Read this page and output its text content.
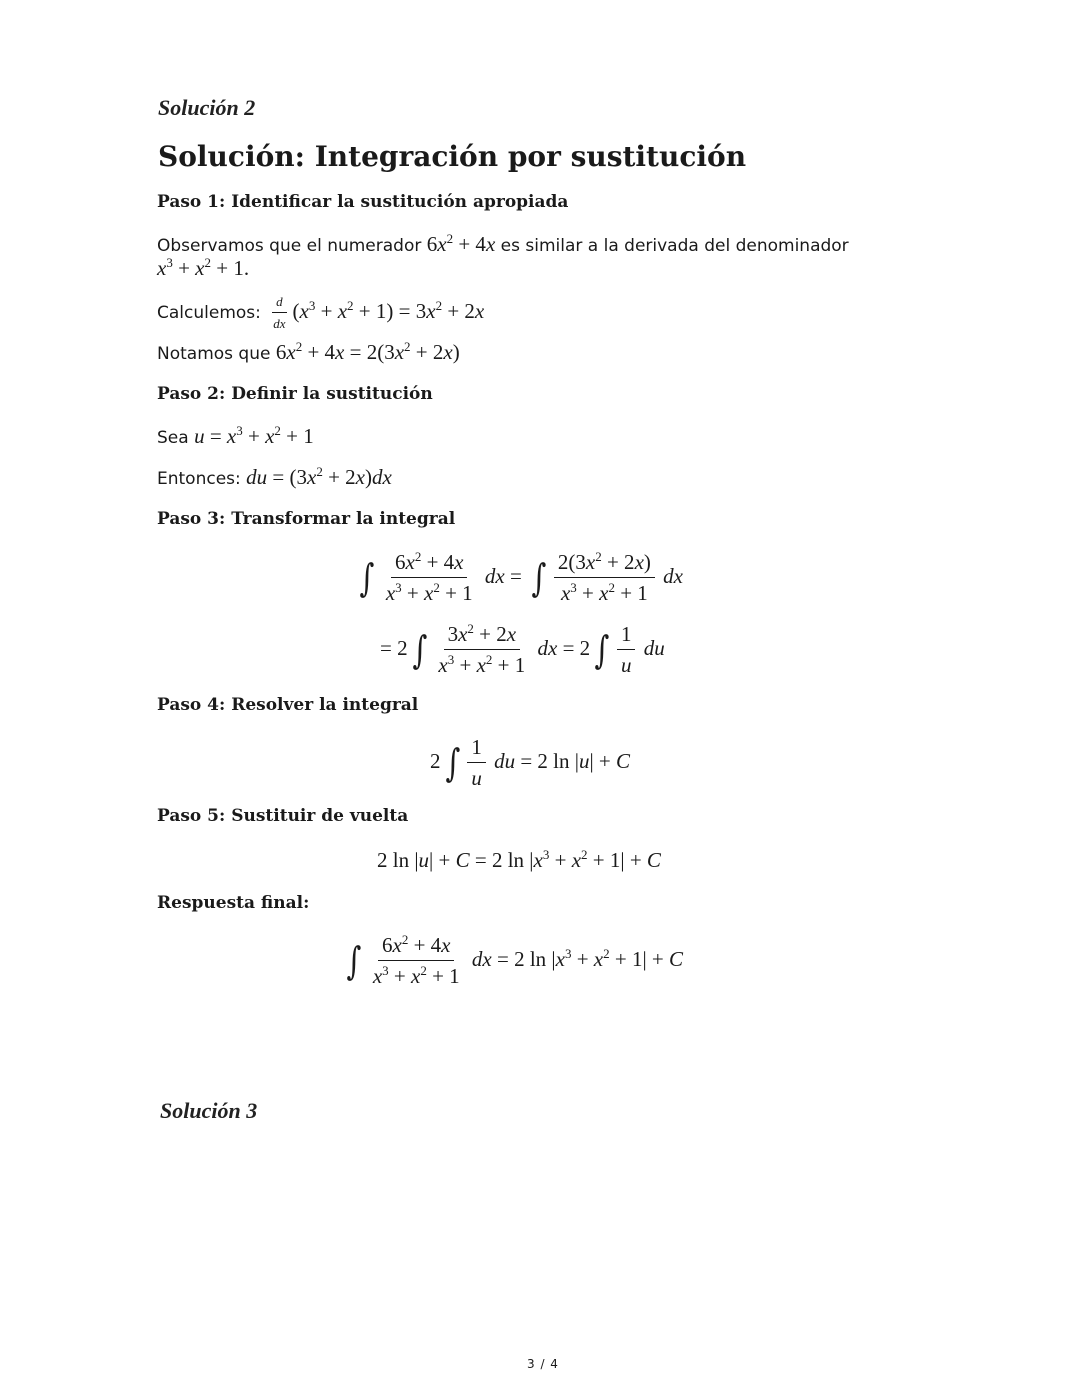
Solución 2
Solución: Integración por sustitución
Paso 1: Identificar la sustitución apropiada
Observamos que el numerador $6x^2 + 4x$ es similar a la derivada del denominador
$x^3 + x^2 + 1$.
Calculemos: $\frac{d}{dx} (x^3 + x^2 + 1) = 3x^2 + 2x$
Notamos que $6x^2 + 4x = 2(3x^2 + 2x)$
Paso 2: Definir la sustitución
Sea $u = x^3 + x^2 + 1$
Entonces: du = $(3x^2 + 2x)dx$
Paso 3: Transformar la integral
∫ $\frac{6x^2 + 4x}{x^3 + x^2 + 1}$ dx = ∫ $\frac{2(3x^2 + 2x)}{x^3 + x^2 + 1}$ dx
= 2 ∫ $\frac{3x^2 + 2x}{x^3 + x^2 + 1}$ dx = 2 ∫ $\frac{1}{u}$ du
Paso 4: Resolver la integral
2 ∫ $\frac{1}{u}$ du = 2 ln |u| + C
Paso 5: Sustituir de vuelta
2 ln |u| + C = 2 $\ln |x^3 + x^2 + 1| + C$
Respuesta final:
∫ $\frac{6x^2 + 4x}{x^3 + x^2 + 1}$ dx = 2 $\ln |x^3 + x^2 + 1| + C$
Solución 3
3 / 4
